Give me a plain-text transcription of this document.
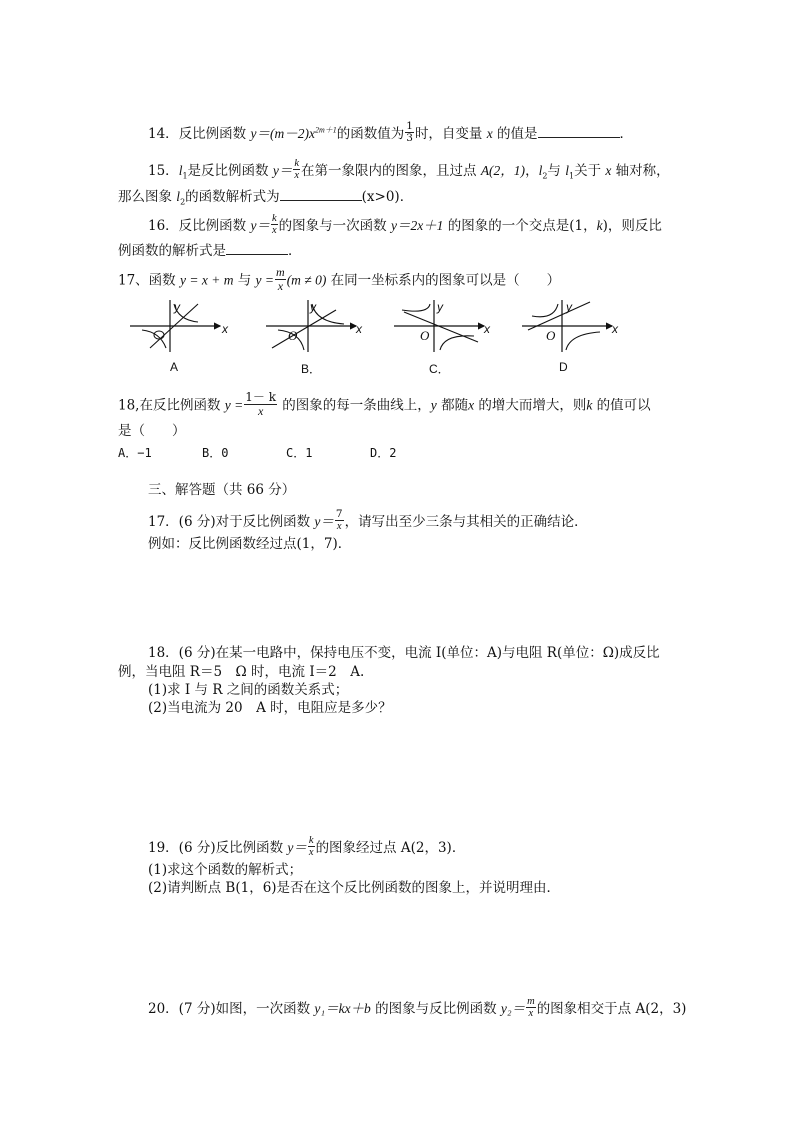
14．反比例函数 $y=(m-2)x^{2m+1}$的函数值为 $\frac{1}{3}$ 时，自变量 x 的值是	．
15．$l_1$是反比例函数 $y= \frac{k}{x}$ 在第一象限内的图象，且过点 A(2，1)，$l_2$与 $l_1$关于 x 轴对称，
那么图象 $l_2$的函数解析式为	(x>0)．
16．反比例函数 $y= \frac{k}{x}$ 的图象与一次函数 y＝2x＋1 的图象的一个交点是(1，k)，则反比
例函数的解析式是	．
17、函数 y = x + m 与 $y = \frac{m}{x} (m \ne 0)$ 在同一坐标系内的图象可以是（　　）
O	O	O
x
y
x
y
x
y
x
y
A	B．	C．	D
18,在反比例函数 $y = \frac{1- k}{x}$ 的图象的每一条曲线上，y 都随x 的增大而增大，则k 的值可以
是（　　）
A．−1	B．0	C．1	D．2
三、解答题（共 66 分）
17．(6 分)对于反比例函数 $y= \frac{7}{x}$ ，请写出至少三条与其相关的正确结论．
例如：反比例函数经过点(1，7)．
18．(6 分)在某一电路中，保持电压不变，电流 I(单位：A)与电阻 R(单位：Ω)成反比
例，当电阻 R＝5　Ω 时，电流 I＝2　A.
(1)求 I 与 R 之间的函数关系式；
(2)当电流为 20　A 时，电阻应是多少？
19．(6 分)反比例函数 $y= \frac{k}{x}$ 的图象经过点 A(2，3)．
(1)求这个函数的解析式；
(2)请判断点 B(1，6)是否在这个反比例函数的图象上，并说明理由．
20．(7 分)如图，一次函数 y₁＝kx＋b 的图象与反比例函数 $y_2= \frac{m}{x}$ 的图象相交于点 A(2，3)
